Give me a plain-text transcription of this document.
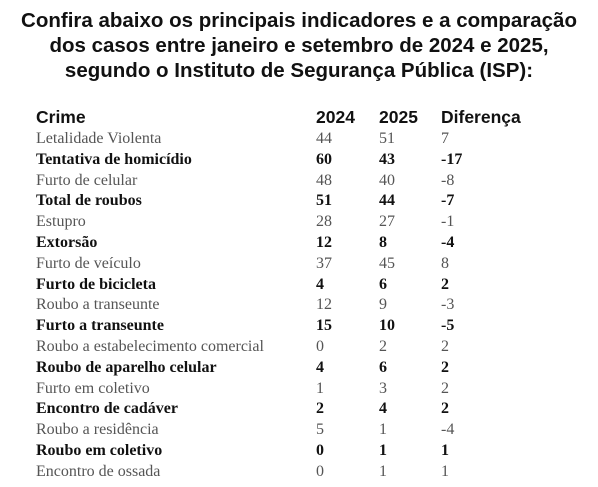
Confira abaixo os principais indicadores e a comparação
dos casos entre janeiro e setembro de 2024 e 2025,
segundo o Instituto de Segurança Pública (ISP):
Crime	2024	2025	Diferença
Letalidade Violenta	44	51	7
Tentativa de homicídio	60	43	-17
Furto de celular	48	40	-8
Total de roubos	51	44	-7
Estupro	28	27	-1
Extorsão	12	8	-4
Furto de veículo	37	45	8
Furto de bicicleta	4	6	2
Roubo a transeunte	12	9	-3
Furto a transeunte	15	10	-5
Roubo a estabelecimento comercial	0	2	2
Roubo de aparelho celular	4	6	2
Furto em coletivo	1	3	2
Encontro de cadáver	2	4	2
Roubo a residência	5	1	-4
Roubo em coletivo	0	1	1
Encontro de ossada	0	1	1
